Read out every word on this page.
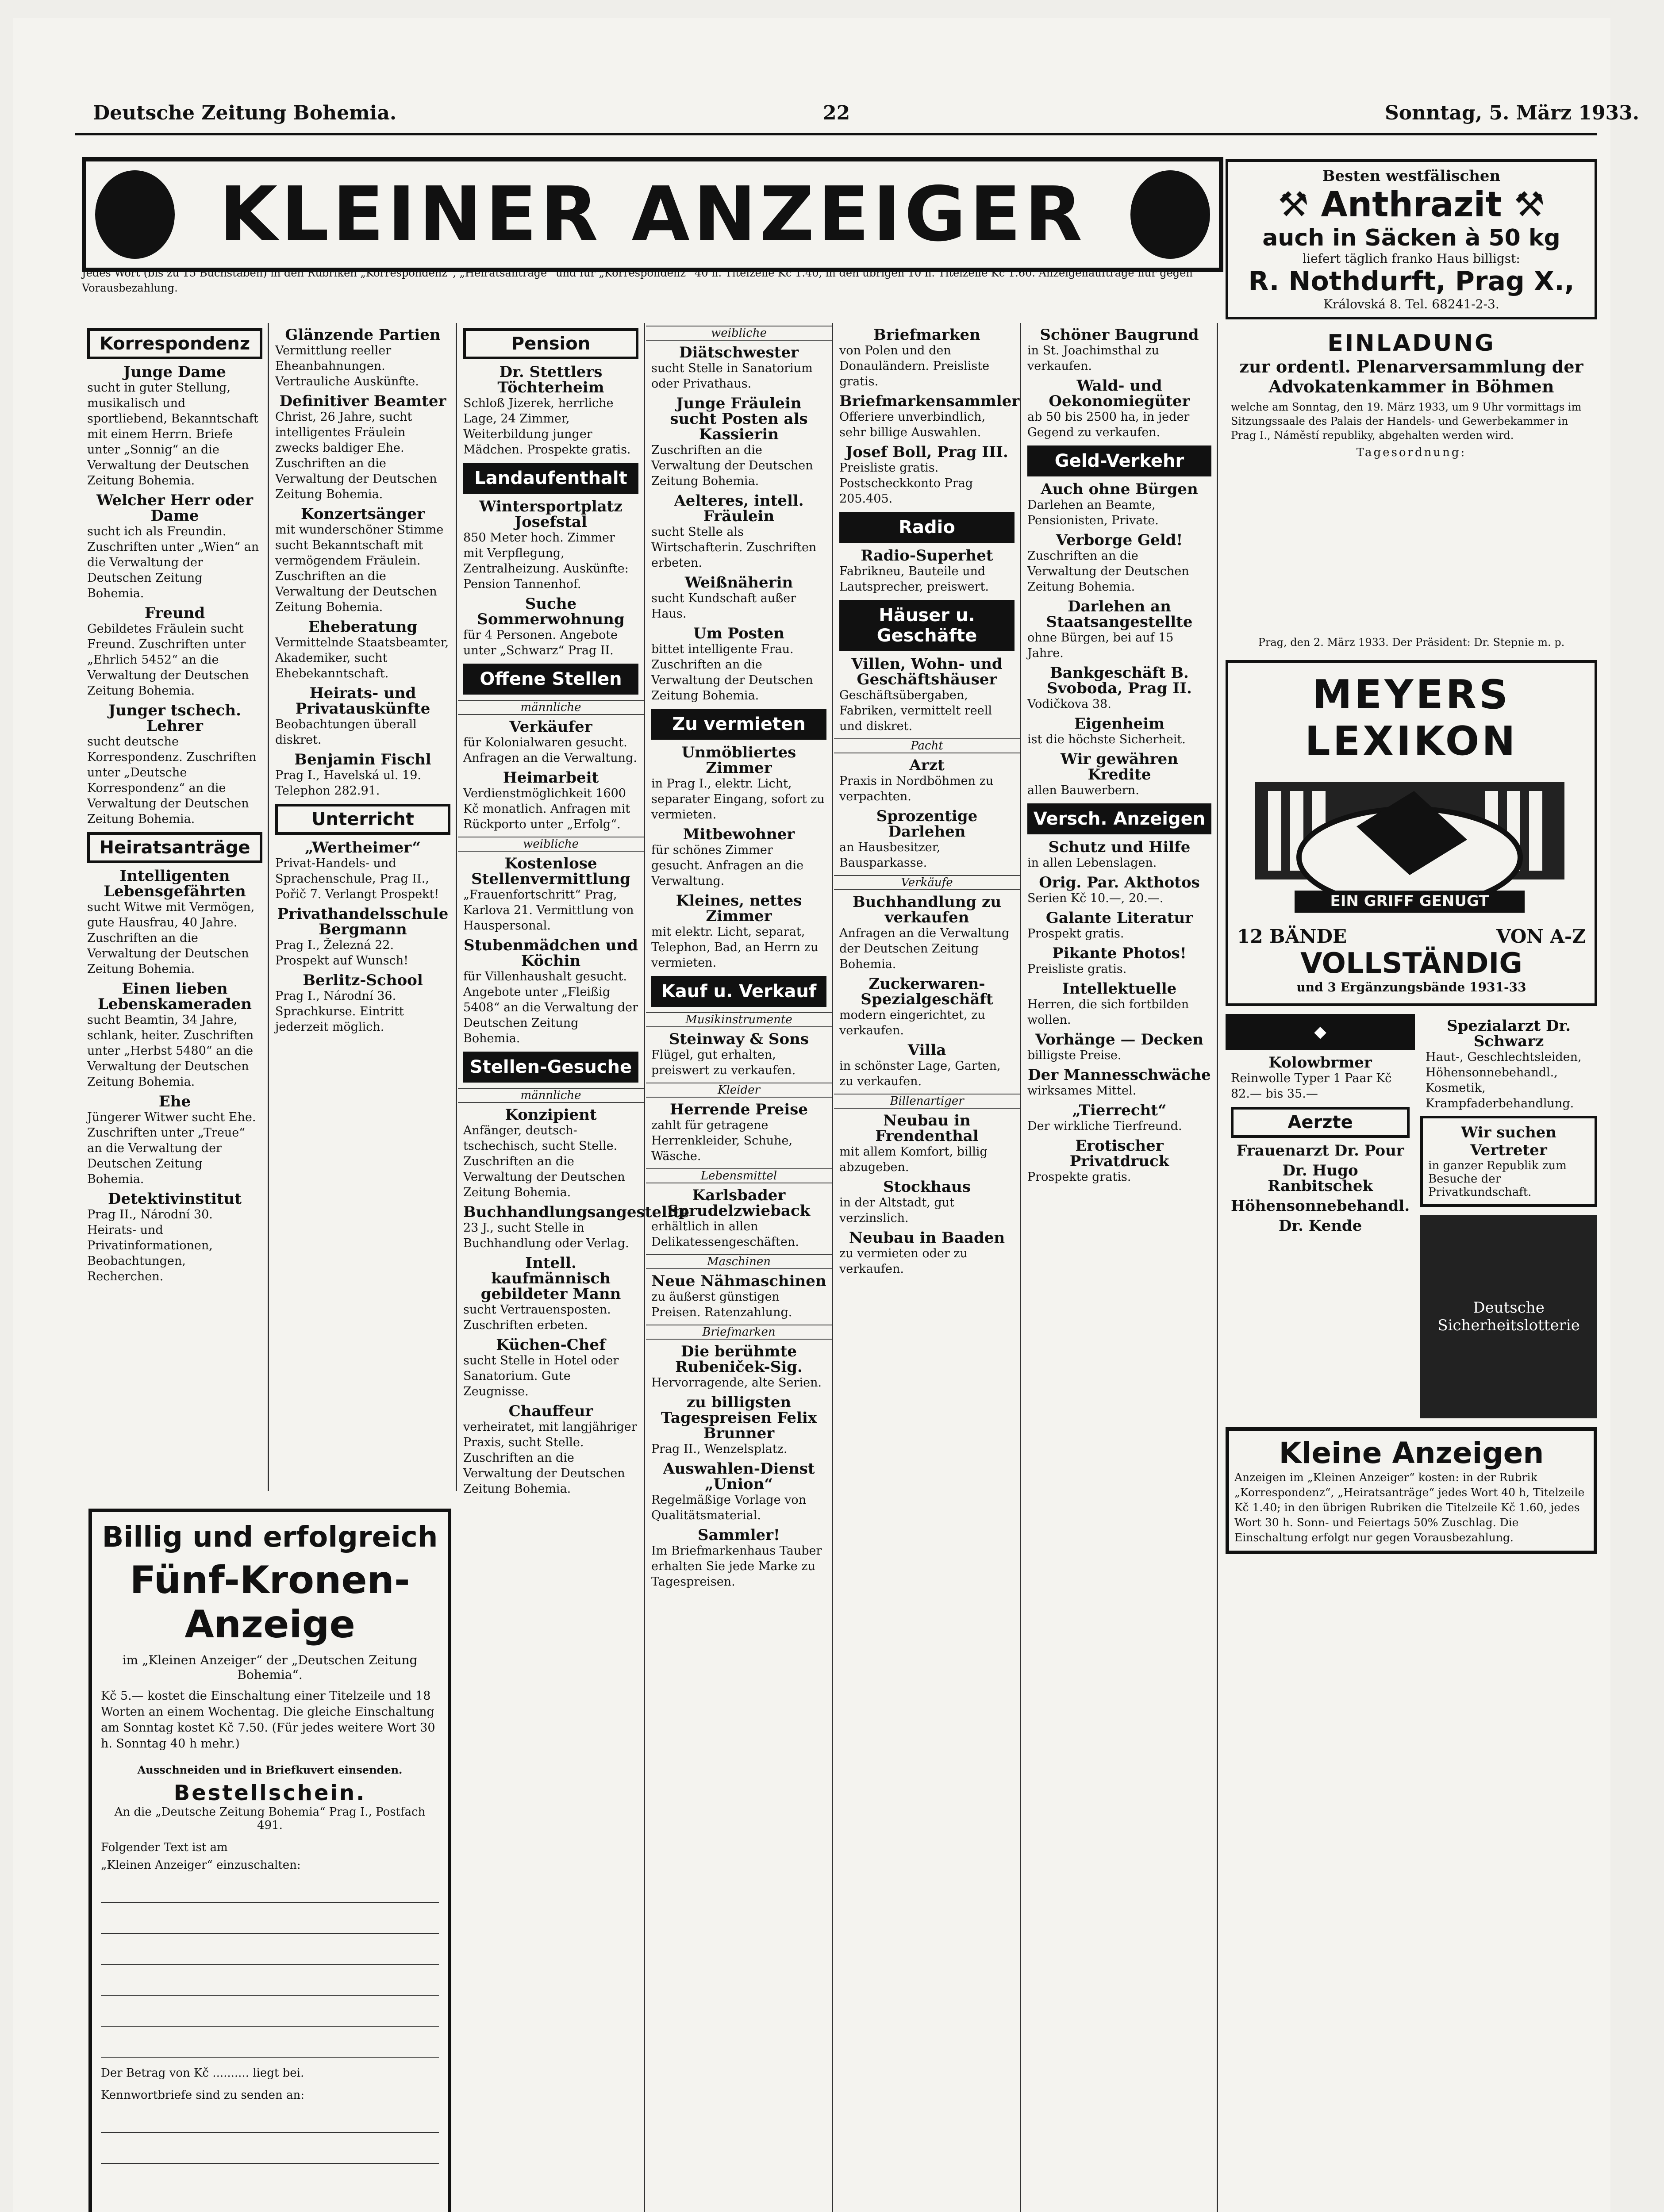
Deutsche Zeitung Bohemia.	22	Sonntag, 5. März 1933.
KLEINER ANZEIGER
Jedes Wort (bis zu 15 Buchstaben) in den Rubriken „Korrespondenz“, „Heiratsanträge“ und für „Korrespondenz“ 40 h. Titelzeile Kč 1.40, in den übrigen 10 h. Titelzeile Kč 1.60. Anzeigenaufträge nur gegen Vorausbezahlung.
Korrespondenz
Junge Dame

sucht in guter Stellung, musikalisch und sportliebend, Bekanntschaft mit einem Herrn. Briefe unter „Sonnig“ an die Verwaltung der Deutschen Zeitung Bohemia.

Welcher Herr oder Dame

sucht ich als Freundin. Zuschriften unter „Wien“ an die Verwaltung der Deutschen Zeitung Bohemia.

Freund

Gebildetes Fräulein sucht Freund. Zuschriften unter „Ehrlich 5452“ an die Verwaltung der Deutschen Zeitung Bohemia.

Junger tschech. Lehrer

sucht deutsche Korrespondenz. Zuschriften unter „Deutsche Korrespondenz“ an die Verwaltung der Deutschen Zeitung Bohemia.

Heiratsanträge
Intelligenten Lebensgefährten

sucht Witwe mit Vermögen, gute Hausfrau, 40 Jahre. Zuschriften an die Verwaltung der Deutschen Zeitung Bohemia.

Einen lieben Lebenskameraden

sucht Beamtin, 34 Jahre, schlank, heiter. Zuschriften unter „Herbst 5480“ an die Verwaltung der Deutschen Zeitung Bohemia.

Ehe

Jüngerer Witwer sucht Ehe. Zuschriften unter „Treue“ an die Verwaltung der Deutschen Zeitung Bohemia.

Detektivinstitut

Prag II., Národní 30. Heirats- und Privatinformationen, Beobachtungen, Recherchen.

Glänzende Partien

Vermittlung reeller Eheanbahnungen. Vertrauliche Auskünfte.

Definitiver Beamter

Christ, 26 Jahre, sucht intelligentes Fräulein zwecks baldiger Ehe. Zuschriften an die Verwaltung der Deutschen Zeitung Bohemia.

Konzertsänger

mit wunderschöner Stimme sucht Bekanntschaft mit vermögendem Fräulein. Zuschriften an die Verwaltung der Deutschen Zeitung Bohemia.

Eheberatung

Vermittelnde Staatsbeamter, Akademiker, sucht Ehebekanntschaft.

Heirats- und Privatauskünfte

Beobachtungen überall diskret.

Benjamin Fischl

Prag I., Havelská ul. 19. Telephon 282.91.

Unterricht
„Wertheimer“

Privat-Handels- und Sprachenschule, Prag II., Pořič 7. Verlangt Prospekt!

Privathandelsschule Bergmann

Prag I., Železná 22. Prospekt auf Wunsch!

Berlitz-School

Prag I., Národní 36. Sprachkurse. Eintritt jederzeit möglich.

Billig und erfolgreich
Fünf-Kronen-Anzeige
im „Kleinen Anzeiger“ der „Deutschen Zeitung Bohemia“.
Kč 5.— kostet die Einschaltung einer Titelzeile und 18 Worten an einem Wochentag. Die gleiche Einschaltung am Sonntag kostet Kč 7.50. (Für jedes weitere Wort 30 h. Sonntag 40 h mehr.)
Ausschneiden und in Briefkuvert einsenden.
Bestellschein.
An die „Deutsche Zeitung Bohemia“ Prag I., Postfach 491.
Folgender Text ist am
„Kleinen Anzeiger“ einzuschalten:
Der Betrag von Kč .......... liegt bei.
Kennwortbriefe sind zu senden an:
Pension
Dr. Stettlers Töchterheim

Schloß Jizerek, herrliche Lage, 24 Zimmer, Weiterbildung junger Mädchen. Prospekte gratis.

Landaufenthalt
Wintersportplatz Josefstal

850 Meter hoch. Zimmer mit Verpflegung, Zentralheizung. Auskünfte: Pension Tannenhof.

Suche Sommerwohnung

für 4 Personen. Angebote unter „Schwarz“ Prag II.

Offene Stellen
männliche
Verkäufer

für Kolonialwaren gesucht. Anfragen an die Verwaltung.

Heimarbeit

Verdienstmöglichkeit 1600 Kč monatlich. Anfragen mit Rückporto unter „Erfolg“.

weibliche
Kostenlose Stellenvermittlung

„Frauenfortschritt“ Prag, Karlova 21. Vermittlung von Hauspersonal.

Stubenmädchen und Köchin

für Villenhaushalt gesucht. Angebote unter „Fleißig 5408“ an die Verwaltung der Deutschen Zeitung Bohemia.

Stellen-Gesuche
männliche
Konzipient

Anfänger, deutsch-tschechisch, sucht Stelle. Zuschriften an die Verwaltung der Deutschen Zeitung Bohemia.

Buchhandlungsangestellte

23 J., sucht Stelle in Buchhandlung oder Verlag.

Intell. kaufmännisch gebildeter Mann

sucht Vertrauensposten. Zuschriften erbeten.

Küchen-Chef

sucht Stelle in Hotel oder Sanatorium. Gute Zeugnisse.

Chauffeur

verheiratet, mit langjähriger Praxis, sucht Stelle. Zuschriften an die Verwaltung der Deutschen Zeitung Bohemia.

weibliche
Diätschwester

sucht Stelle in Sanatorium oder Privathaus.

Junge Fräulein sucht Posten als Kassierin

Zuschriften an die Verwaltung der Deutschen Zeitung Bohemia.

Aelteres, intell. Fräulein

sucht Stelle als Wirtschafterin. Zuschriften erbeten.

Weißnäherin

sucht Kundschaft außer Haus.

Um Posten

bittet intelligente Frau. Zuschriften an die Verwaltung der Deutschen Zeitung Bohemia.

Zu vermieten
Unmöbliertes Zimmer

in Prag I., elektr. Licht, separater Eingang, sofort zu vermieten.

Mitbewohner

für schönes Zimmer gesucht. Anfragen an die Verwaltung.

Kleines, nettes Zimmer

mit elektr. Licht, separat, Telephon, Bad, an Herrn zu vermieten.

Kauf u. Verkauf
Musikinstrumente
Steinway & Sons

Flügel, gut erhalten, preiswert zu verkaufen.

Kleider
Herrende Preise

zahlt für getragene Herrenkleider, Schuhe, Wäsche.

Lebensmittel
Karlsbader Sprudelzwieback

erhältlich in allen Delikatessengeschäften.

Maschinen
Neue Nähmaschinen

zu äußerst günstigen Preisen. Ratenzahlung.

Briefmarken
Die berühmte Rubeniček-Sig.

Hervorragende, alte Serien.

zu billigsten Tagespreisen Felix Brunner

Prag II., Wenzelsplatz.

Auswahlen-Dienst „Union“

Regelmäßige Vorlage von Qualitätsmaterial.

Sammler!

Im Briefmarkenhaus Tauber erhalten Sie jede Marke zu Tagespreisen.

Briefmarken

von Polen und den Donauländern. Preisliste gratis.

Briefmarkensammler

Offeriere unverbindlich, sehr billige Auswahlen.

Josef Boll, Prag III.

Preisliste gratis. Postscheckkonto Prag 205.405.

Radio
Radio-Superhet

Fabrikneu, Bauteile und Lautsprecher, preiswert.

Häuser u. Geschäfte
Villen, Wohn- und Geschäftshäuser

Geschäftsübergaben, Fabriken, vermittelt reell und diskret.

Pacht
Arzt

Praxis in Nordböhmen zu verpachten.

Sprozentige Darlehen

an Hausbesitzer, Bausparkasse.

Verkäufe
Buchhandlung zu verkaufen

Anfragen an die Verwaltung der Deutschen Zeitung Bohemia.

Zuckerwaren-Spezialgeschäft

modern eingerichtet, zu verkaufen.

Villa

in schönster Lage, Garten, zu verkaufen.

Billenartiger
Neubau in Frendenthal

mit allem Komfort, billig abzugeben.

Stockhaus

in der Altstadt, gut verzinslich.

Neubau in Baaden

zu vermieten oder zu verkaufen.

Schöner Baugrund

in St. Joachimsthal zu verkaufen.

Wald- und Oekonomiegüter

ab 50 bis 2500 ha, in jeder Gegend zu verkaufen.

Geld-Verkehr
Auch ohne Bürgen

Darlehen an Beamte, Pensionisten, Private.

Verborge Geld!

Zuschriften an die Verwaltung der Deutschen Zeitung Bohemia.

Darlehen an Staatsangestellte

ohne Bürgen, bei auf 15 Jahre.

Bankgeschäft B. Svoboda, Prag II.

Vodičkova 38.

Eigenheim

ist die höchste Sicherheit.

Wir gewähren Kredite

allen Bauwerbern.

Versch. Anzeigen
Schutz und Hilfe

in allen Lebenslagen.

Orig. Par. Akthotos

Serien Kč 10.—, 20.—.

Galante Literatur

Prospekt gratis.

Pikante Photos!

Preisliste gratis.

Intellektuelle

Herren, die sich fortbilden wollen.

Vorhänge — Decken

billigste Preise.

Der Mannesschwäche

wirksames Mittel.

„Tierrecht“

Der wirkliche Tierfreund.

Erotischer Privatdruck

Prospekte gratis.

Besten westfälischen
⚒ Anthrazit ⚒
auch in Säcken à 50 kg
liefert täglich franko Haus billigst:
R. Nothdurft, Prag X.,
Královská 8. Tel. 68241-2-3.
EINLADUNG
zur ordentl. Plenarversammlung der Advokatenkammer in Böhmen
welche am Sonntag, den 19. März 1933, um 9 Uhr vormittags im Sitzungssaale des Palais der Handels- und Gewerbekammer in Prag I., Náměstí republiky, abgehalten werden wird.
Tagesordnung:
Prag, den 2. März 1933. Der Präsident: Dr. Stepnie m. p.
MEYERS
LEXIKON
EIN GRIFF GENUGT
12 BÄNDE	VON A-Z
VOLLSTÄNDIG
und 3 Ergänzungsbände 1931-33
◆
Kolowbrmer

Reinwolle Typer 1 Paar Kč 82.— bis 35.—

Aerzte
Frauenarzt Dr. Pour
Dr. Hugo Ranbitschek
Höhensonnebehandl.
Dr. Kende
Spezialarzt Dr. Schwarz

Haut-, Geschlechtsleiden, Höhensonnebehandl., Kosmetik, Krampfaderbehandlung.

Wir suchen Vertreter

in ganzer Republik zum Besuche der Privatkundschaft.

Deutsche Sicherheitslotterie
Kleine Anzeigen
Anzeigen im „Kleinen Anzeiger“ kosten: in der Rubrik „Korrespondenz“, „Heiratsanträge“ jedes Wort 40 h, Titelzeile Kč 1.40; in den übrigen Rubriken die Titelzeile Kč 1.60, jedes Wort 30 h. Sonn- und Feiertags 50% Zuschlag. Die Einschaltung erfolgt nur gegen Vorausbezahlung.
